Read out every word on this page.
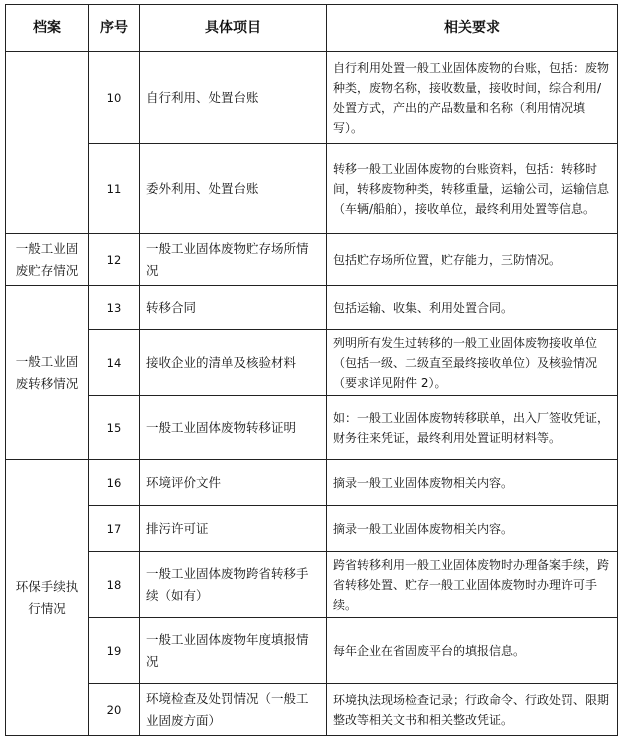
档案	序号	具体项目	相关要求
	10	自行利用、处置台账	自行利用处置一般工业固体废物的台账，包括：废物种类，废物名称，接收数量，接收时间，综合利用/处置方式，产出的产品数量和名称（利用情况填写）。
	11	委外利用、处置台账	转移一般工业固体废物的台账资料，包括：转移时间，转移废物种类，转移重量，运输公司，运输信息（车辆/船舶），接收单位，最终利用处置等信息。
一般工业固废贮存情况	12	一般工业固体废物贮存场所情况	包括贮存场所位置，贮存能力，三防情况。
一般工业固废转移情况	13	转移合同	包括运输、收集、利用处置合同。
	14	接收企业的清单及核验材料	列明所有发生过转移的一般工业固体废物接收单位（包括一级、二级直至最终接收单位）及核验情况（要求详见附件 2）。
	15	一般工业固体废物转移证明	如：一般工业固体废物转移联单，出入厂签收凭证，财务往来凭证，最终利用处置证明材料等。
环保手续执行情况	16	环境评价文件	摘录一般工业固体废物相关内容。
	17	排污许可证	摘录一般工业固体废物相关内容。
	18	一般工业固体废物跨省转移手续（如有）	跨省转移利用一般工业固体废物时办理备案手续，跨省转移处置、贮存一般工业固体废物时办理许可手续。
	19	一般工业固体废物年度填报情况	每年企业在省固废平台的填报信息。
	20	环境检查及处罚情况（一般工业固废方面）	环境执法现场检查记录；行政命令、行政处罚、限期整改等相关文书和相关整改凭证。
